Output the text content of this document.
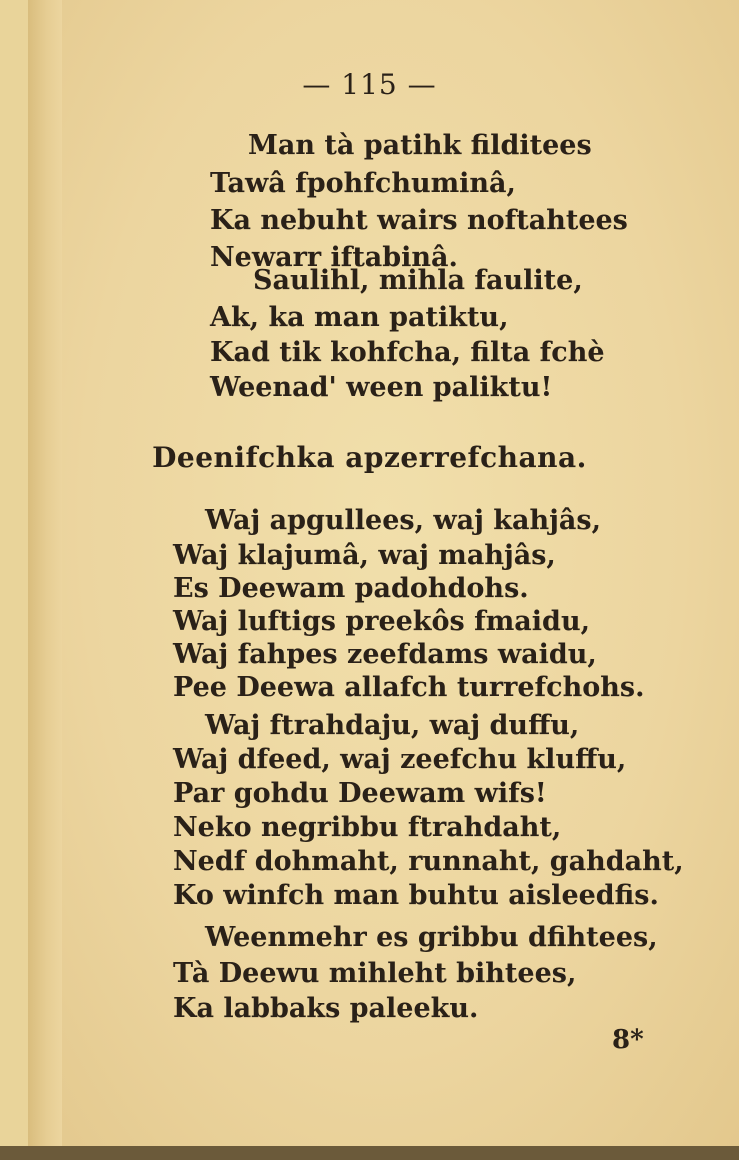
— 115 —
Man tà patihk filditees
Tawâ fpohfchuminâ,
Ka nebuht wairs noftahtees
Newarr iftabinâ.
Saulihl, mihla faulite,
Ak, ka man patiktu,
Kad tik kohfcha, filta fchè
Weenad' ween paliktu!
Deenifchka apzerrefchana.
Waj apgullees, waj kahjâs,
Waj klajumâ, waj mahjâs,
Es Deewam padohdohs.
Waj luftigs preekôs fmaidu,
Waj fahpes zeefdams waidu,
Pee Deewa allafch turrefchohs.
Waj ftrahdaju, waj duffu,
Waj dfeed, waj zeefchu kluffu,
Par gohdu Deewam wifs!
Neko negribbu ftrahdaht,
Nedf dohmaht, runnaht, gahdaht,
Ko winfch man buhtu aisleedfis.
Weenmehr es gribbu dfihtees,
Tà Deewu mihleht bihtees,
Ka labbaks paleeku.
8*
